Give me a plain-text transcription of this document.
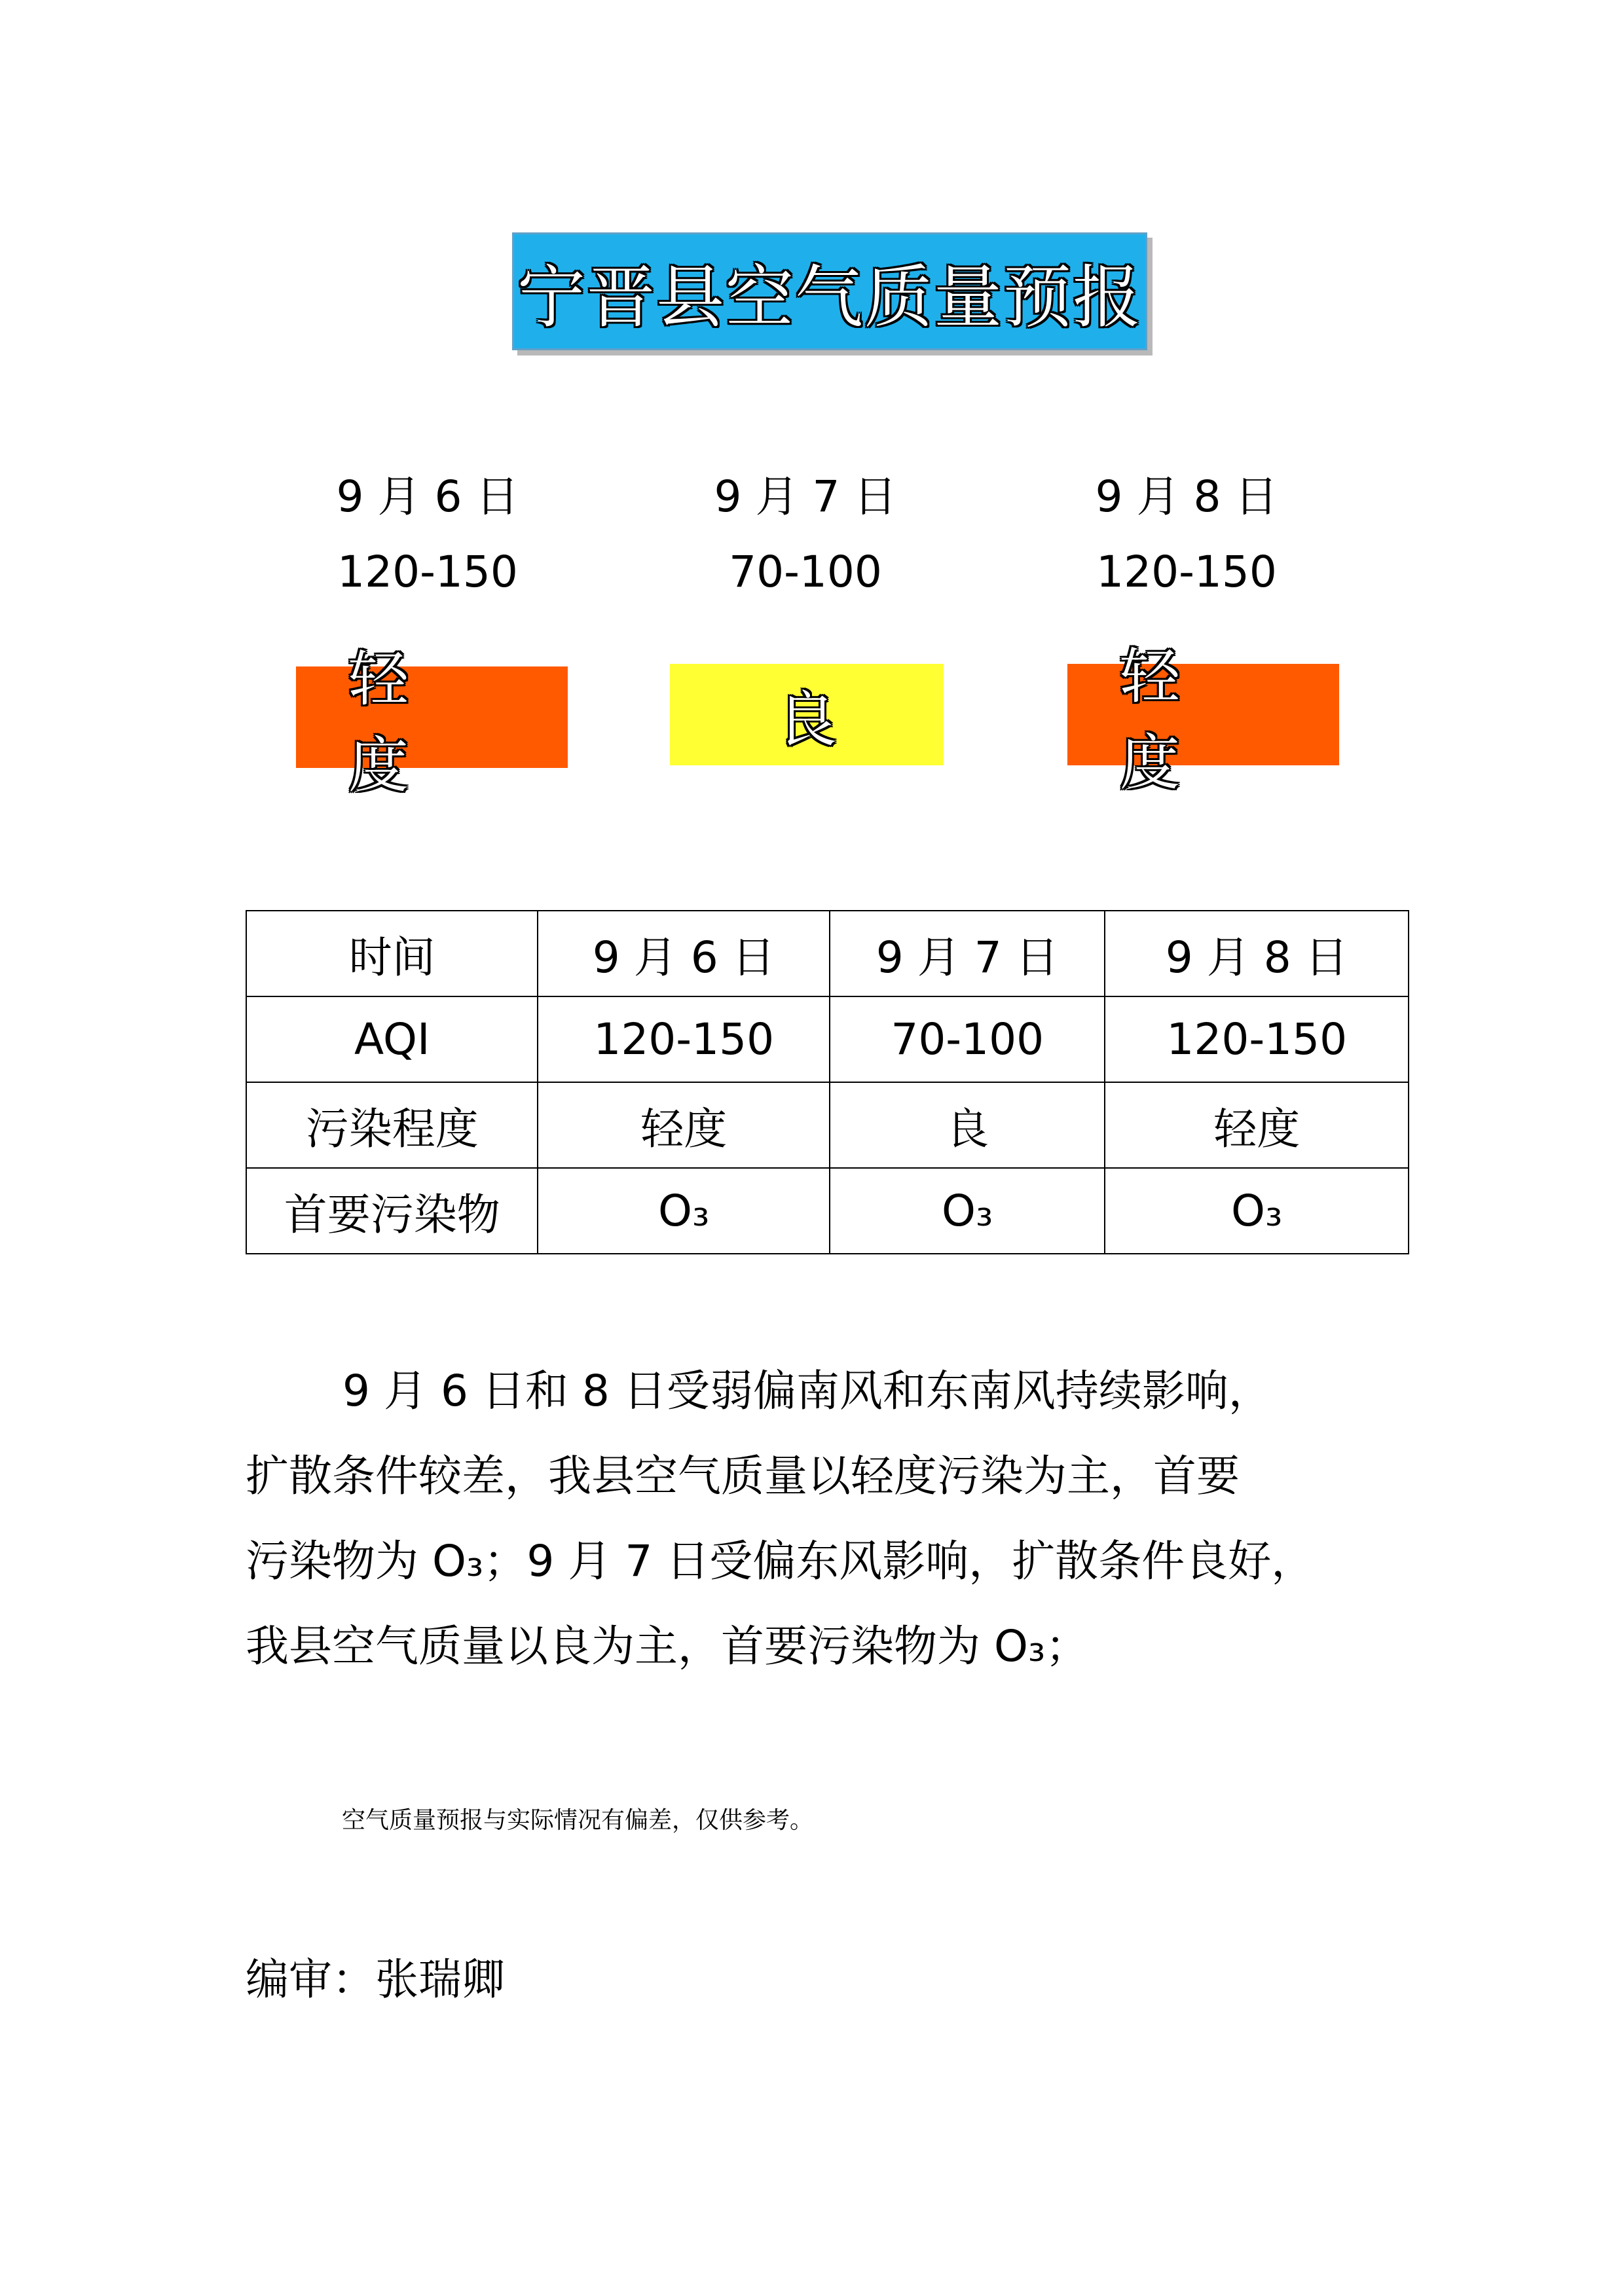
宁晋县空气质量预报
9 月 6 日
120-150
9 月 7 日
70-100
9 月 8 日
120-150
轻度
良
轻度
时间	9 月 6 日	9 月 7 日	9 月 8 日
AQI	120-150	70-100	120-150
污染程度	轻度	良	轻度
首要污染物	O₃	O₃	O₃
9 月 6 日和 8 日受弱偏南风和东南风持续影响，
扩散条件较差，我县空气质量以轻度污染为主，首要
污染物为 O₃；9 月 7 日受偏东风影响，扩散条件良好，
我县空气质量以良为主，首要污染物为 O₃；
空气质量预报与实际情况有偏差，仅供参考。
编审：张瑞卿
